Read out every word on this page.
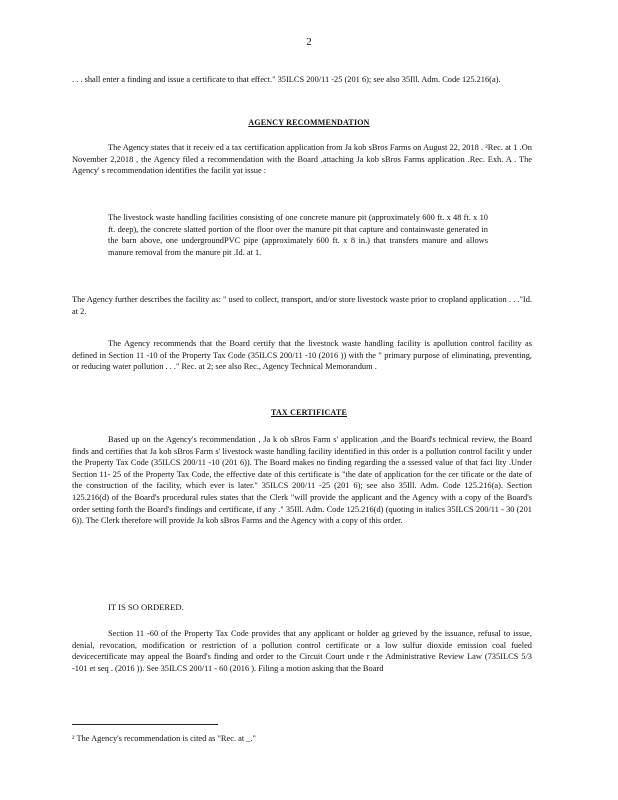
2
. . . shall enter a finding and issue a certificate to that effect." 35ILCS 200/11 -25 (201 6); see also 35Ill. Adm. Code 125.216(a).
AGENCY RECOMMENDATION
The Agency states that it receiv ed a tax certification application from Ja kob sBros Farms on August 22, 2018 . ²Rec. at 1 .On November 2,2018 , the Agency filed a recommendation with the Board ,attaching Ja kob sBros Farms application .Rec. Exh. A . The Agency' s recommendation identifies the facilit yat issue :
The livestock waste handling facilities consisting of one concrete manure pit (approximately 600 ft. x 48 ft. x 10 ft. deep), the concrete slatted portion of the floor over the manure pit that capture and containwaste generated in the barn above, one undergroundPVC pipe (approximately 600 ft. x 8 in.) that transfers manure and allows manure removal from the manure pit .Id. at 1.
The Agency further describes the facility as: " used to collect, transport, and/or store livestock waste prior to cropland application . . ."Id. at 2.
The Agency recommends that the Board certify that the livestock waste handling facility is apollution control facility as defined in Section 11 -10 of the Property Tax Code (35ILCS 200/11 -10 (2016 )) with the " primary purpose of eliminating, preventing, or reducing water pollution . . ." Rec. at 2; see also Rec., Agency Technical Memorandum .
TAX CERTIFICATE
Based up on the Agency's recommendation , Ja k ob sBros Farm s' application ,and the Board's technical review, the Board finds and certifies that Ja kob sBros Farm s' livestock waste handling facility identified in this order is a pollution control facilit y under the Property Tax Code (35ILCS 200/11 -10 (201 6)). The Board makes no finding regarding the a ssessed value of that faci lity .Under Section 11- 25 of the Property Tax Code, the effective date of this certificate is "the date of application for the cer tificate or the date of the construction of the facility, which ever is later." 35ILCS 200/11 -25 (201 6); see also 35Ill. Adm. Code 125.216(a). Section 125.216(d) of the Board's procedural rules states that the Clerk "will provide the applicant and the Agency with a copy of the Board's order setting forth the Board's findings and certificate, if any ." 35Ill. Adm. Code 125.216(d) (quoting in italics 35ILCS 200/11 - 30 (201 6)). The Clerk therefore will provide Ja kob sBros Farms and the Agency with a copy of this order.
IT IS SO ORDERED.
Section 11 -60 of the Property Tax Code provides that any applicant or holder ag grieved by the issuance, refusal to issue, denial, revocation, modification or restriction of a pollution control certificate or a low sulfur dioxide emission coal fueled devicecertificate may appeal the Board's finding and order to the Circuit Court unde r the Administrative Review Law (735ILCS 5/3 -101 et seq . (2016 )). See 35ILCS 200/11 - 60 (2016 ). Filing a motion asking that the Board
² The Agency's recommendation is cited as "Rec. at _."
